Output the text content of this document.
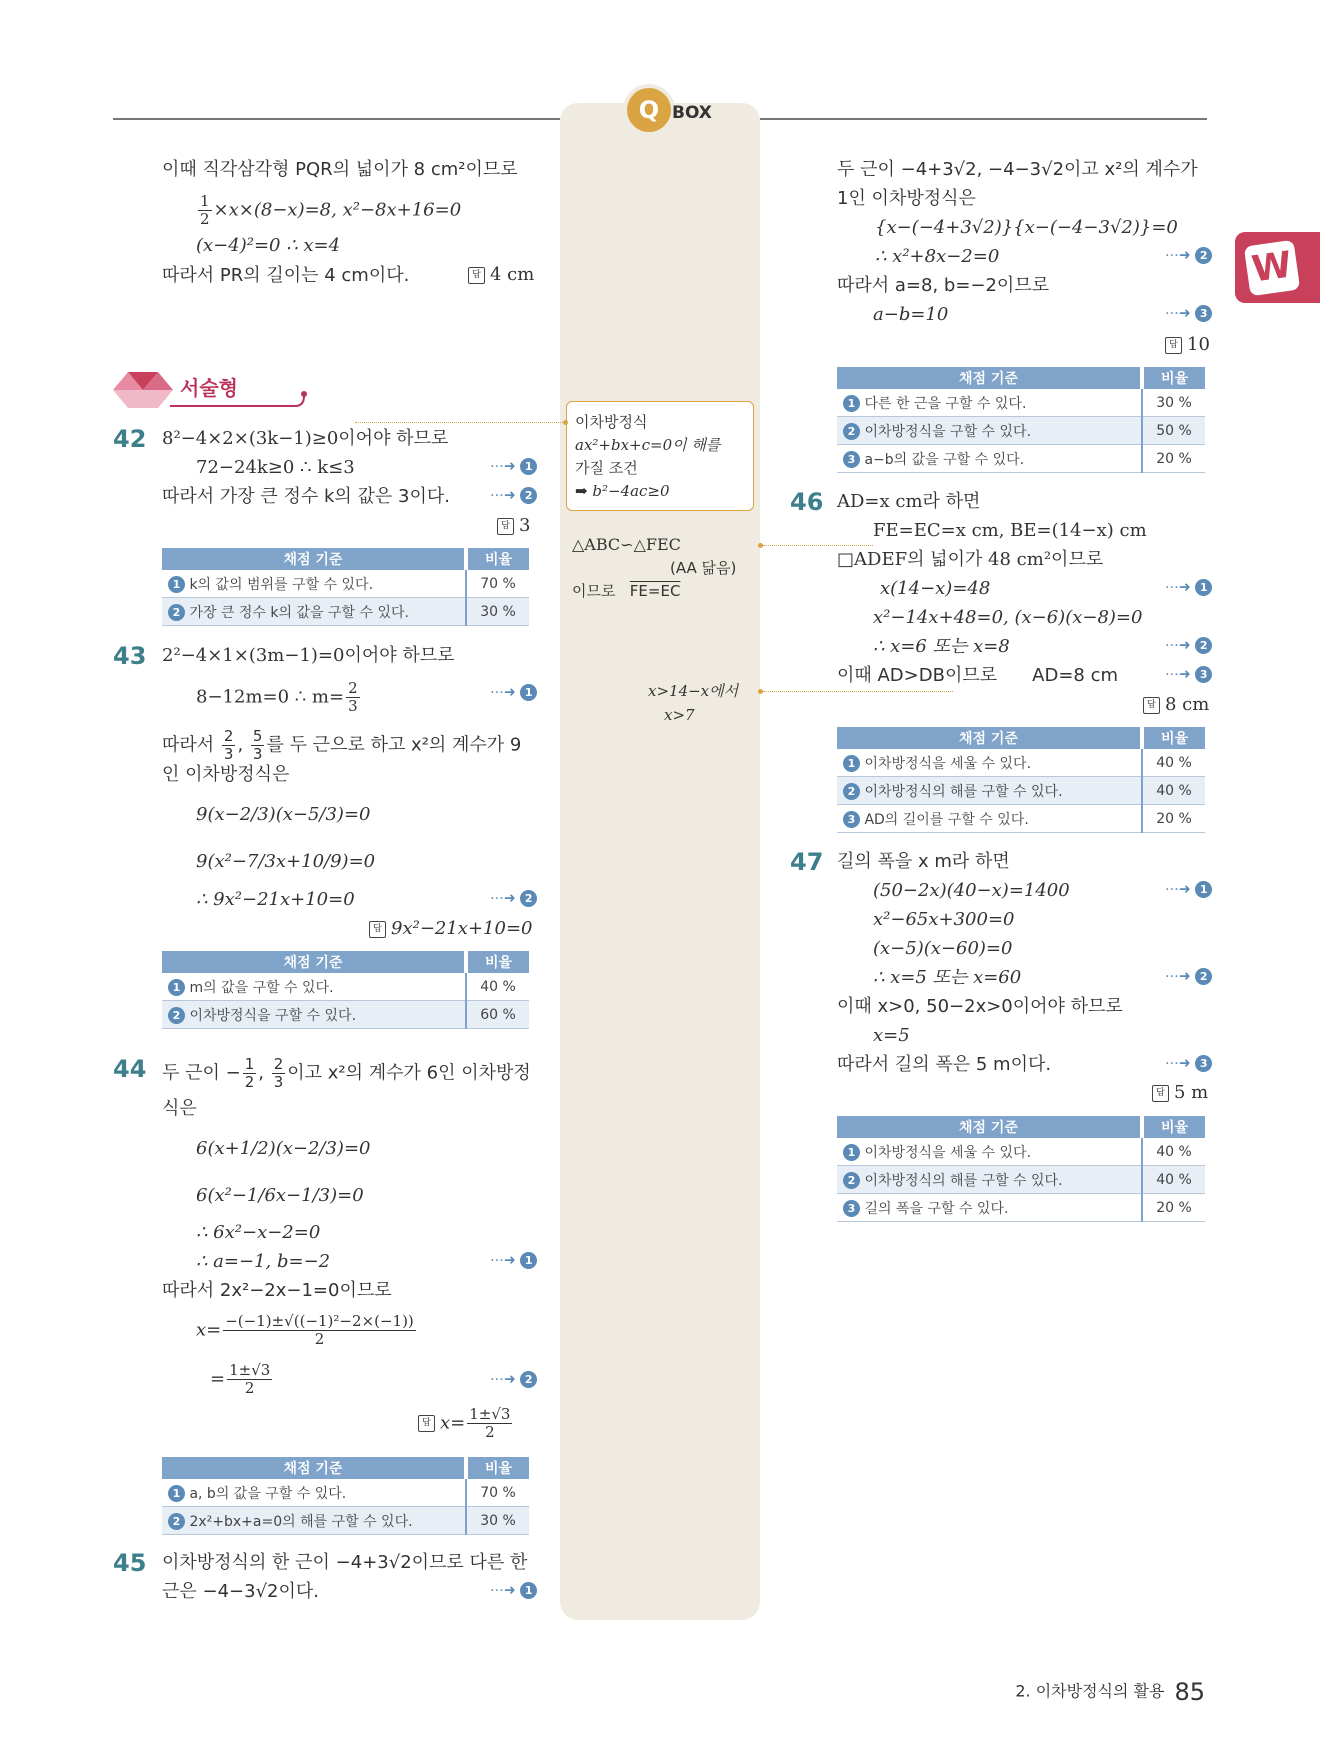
Q BOX
W
이때 직각삼각형 PQR의 넓이가 8 cm²이므로
$\frac{1}{2} \times x\times(8-x)=8$, x²−8x+16=0
(x−4)²=0 ∴ x=4
따라서 PR의 길이는 4 cm이다.	답 4 cm
서술형
42 8²−4×2×(3k−1)≥0이어야 하므로
72−24k≥0 ∴ k≤3	⋯➜ 1
따라서 가장 큰 정수 k의 값은 3이다.	⋯➜ 2
답 3
채점 기준	비율
1 k의 값의 범위를 구할 수 있다.	70 %
2 가장 큰 정수 k의 값을 구할 수 있다.	30 %
43 2²−4×1×(3m−1)=0이어야 하므로
8−12m=0 ∴ $m= \frac{2}{3}$	⋯➜ 1
따라서 $\frac{2}{3}$ , $\frac{5}{3}$ 를 두 근으로 하고 x²의 계수가 9
인 이차방정식은
9(x−2/3)(x−5/3)=0
9(x²−7/3x+10/9)=0
∴ 9x²−21x+10=0	⋯➜ 2
답 9x²−21x+10=0
채점 기준	비율
1 m의 값을 구할 수 있다.	40 %
2 이차방정식을 구할 수 있다.	60 %
44 두 근이 − $\frac{1}{2}$ , $\frac{2}{3}$ 이고 x²의 계수가 6인 이차방정
식은
6(x+1/2)(x−2/3)=0
6(x²−1/6x−1/3)=0
∴ 6x²−x−2=0
∴ a=−1, b=−2	⋯➜ 1
따라서 2x²−2x−1=0이므로
$x= \frac{\text{−(−1)±√((−1)²−2×(−1))}}{2}$
= $\frac{1\pm√3}{2}$	⋯➜ 2
답 $x= \frac{1\pm√3}{2}$
채점 기준	비율
1 a, b의 값을 구할 수 있다.	70 %
2 2x²+bx+a=0의 해를 구할 수 있다.	30 %
45 이차방정식의 한 근이 −4+3√2이므로 다른 한
근은 −4−3√2이다.	⋯➜ 1
두 근이 −4+3√2, −4−3√2이고 x²의 계수가
1인 이차방정식은
{x−(−4+3√2)}{x−(−4−3√2)}=0
∴ x²+8x−2=0	⋯➜ 2
따라서 a=8, b=−2이므로
a−b=10	⋯➜ 3
답 10
채점 기준	비율
1 다른 한 근을 구할 수 있다.	30 %
2 이차방정식을 구할 수 있다.	50 %
3 a−b의 값을 구할 수 있다.	20 %
46 AD=x cm라 하면
FE=EC=x cm, BE=(14−x) cm
□ADEF의 넓이가 48 cm²이므로
x(14−x)=48	⋯➜ 1
x²−14x+48=0, (x−6)(x−8)=0
∴ x=6 또는 x=8	⋯➜ 2
이때 AD>DB이므로 AD=8 cm	⋯➜ 3
답 8 cm
채점 기준	비율
1 이차방정식을 세울 수 있다.	40 %
2 이차방정식의 해를 구할 수 있다.	40 %
3 AD의 길이를 구할 수 있다.	20 %
47 길의 폭을 x m라 하면
(50−2x)(40−x)=1400	⋯➜ 1
x²−65x+300=0
(x−5)(x−60)=0
∴ x=5 또는 x=60	⋯➜ 2
이때 x>0, 50−2x>0이어야 하므로
x=5
따라서 길의 폭은 5 m이다.	⋯➜ 3
답 5 m
채점 기준	비율
1 이차방정식을 세울 수 있다.	40 %
2 이차방정식의 해를 구할 수 있다.	40 %
3 길의 폭을 구할 수 있다.	20 %
이차방정식
ax²+bx+c=0이 해를
가질 조건
➡ b²−4ac≥0
△ABC∽△FEC
(AA 닮음)
이므로 FE=EC
x>14−x에서
x>7
2. 이차방정식의 활용 85
